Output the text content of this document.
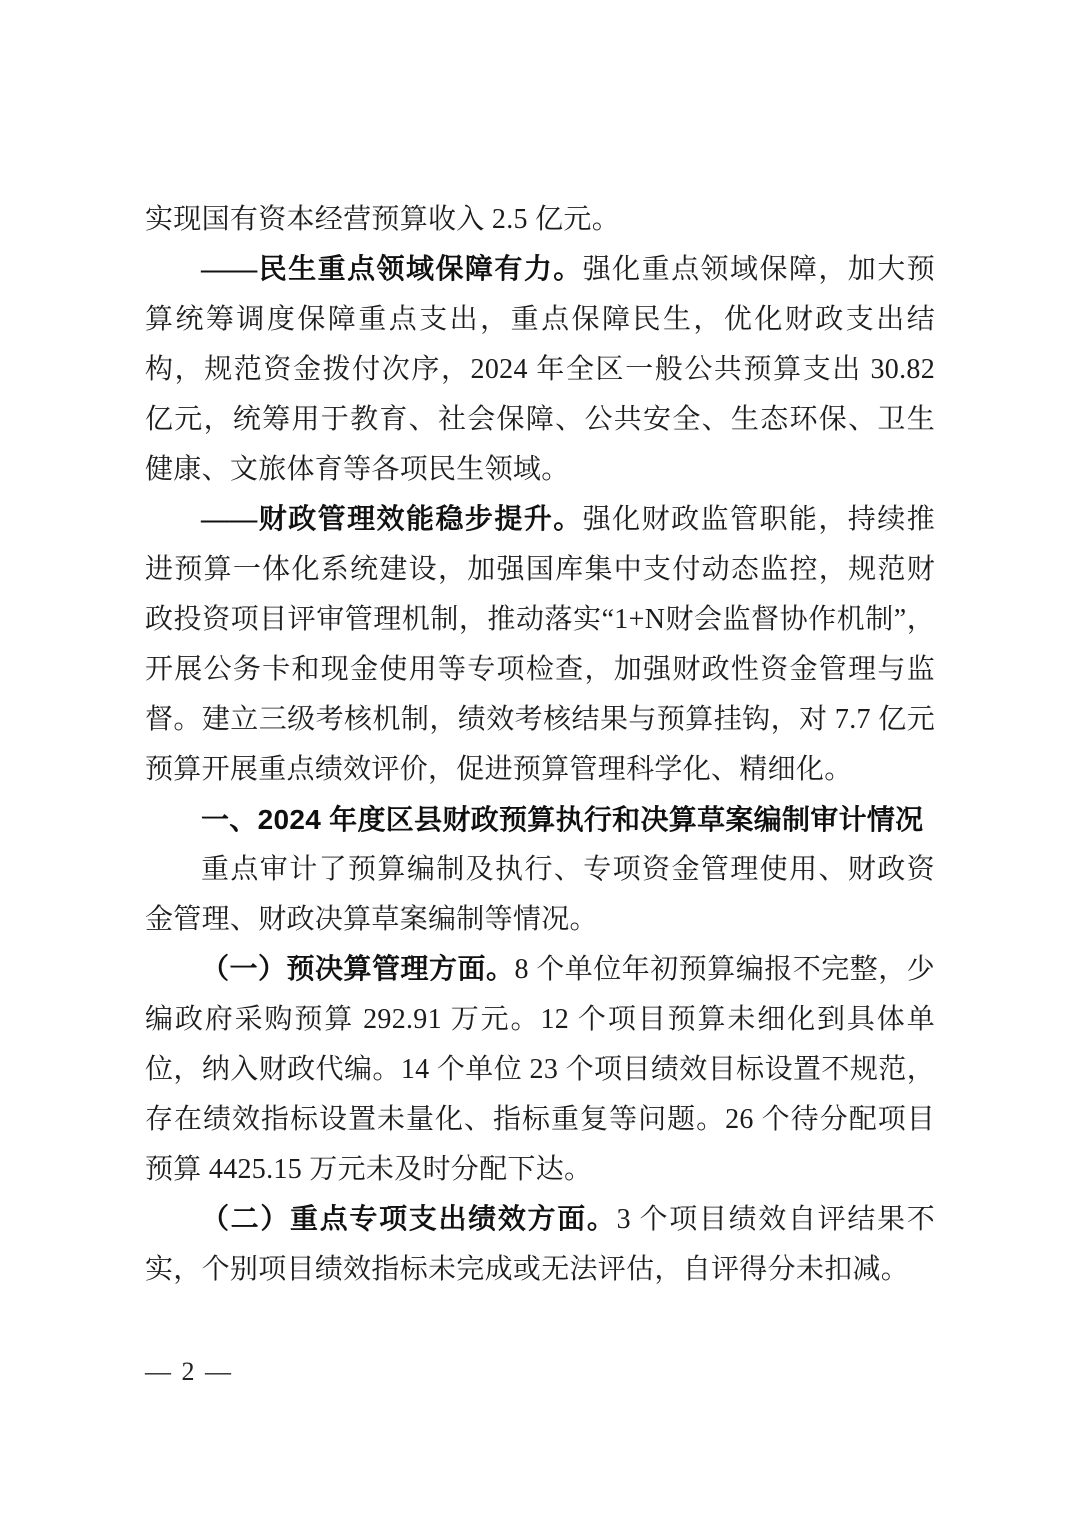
实现国有资本经营预算收入 2.5 亿元。

——民生重点领域保障有力。强化重点领域保障，加大预算统筹调度保障重点支出，重点保障民生，优化财政支出结构，规范资金拨付次序，2024 年全区一般公共预算支出 30.82 亿元，统筹用于教育、社会保障、公共安全、生态环保、卫生健康、文旅体育等各项民生领域。

——财政管理效能稳步提升。强化财政监管职能，持续推进预算一体化系统建设，加强国库集中支付动态监控，规范财政投资项目评审管理机制，推动落实“1+N财会监督协作机制”，开展公务卡和现金使用等专项检查，加强财政性资金管理与监督。建立三级考核机制，绩效考核结果与预算挂钩，对 7.7 亿元预算开展重点绩效评价，促进预算管理科学化、精细化。

一、2024 年度区县财政预算执行和决算草案编制审计情况

重点审计了预算编制及执行、专项资金管理使用、财政资金管理、财政决算草案编制等情况。

（一）预决算管理方面。8 个单位年初预算编报不完整，少编政府采购预算 292.91 万元。12 个项目预算未细化到具体单位，纳入财政代编。14 个单位 23 个项目绩效目标设置不规范，存在绩效指标设置未量化、指标重复等问题。26 个待分配项目预算 4425.15 万元未及时分配下达。

（二）重点专项支出绩效方面。3 个项目绩效自评结果不实，个别项目绩效指标未完成或无法评估，自评得分未扣减。

— 2 —
